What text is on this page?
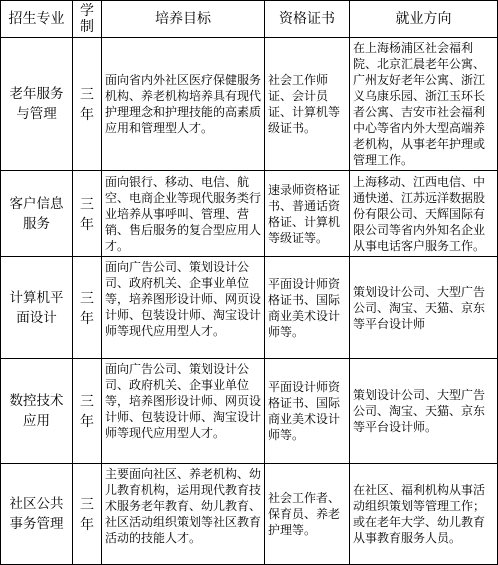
招生专业	学制	培养目标	资格证书	就业方向
老年服务与管理	三年	面向省内外社区医疗保健服务机构、养老机构培养具有现代护理理念和护理技能的高素质应用和管理型人才。	社会工作师证、会计员证、计算机等级证书。	在上海杨浦区社会福利院、北京汇晨老年公寓、广州友好老年公寓、浙江义乌康乐园、浙江玉环长者公寓、吉安市社会福利中心等省内外大型高端养老机构，从事老年护理或管理工作。
客户信息服务	三年	面向银行、移动、电信、航空、电商企业等现代服务类行业培养从事呼叫、管理、营销、售后服务的复合型应用人才。	速录师资格证书、普通话资格证、计算机等级证等。	上海移动、江西电信、中通快递、江苏远洋数据股份有限公司、天辉国际有限公司等省内外知名企业从事电话客户服务工作。
计算机平面设计	三年	面向广告公司、策划设计公司、政府机关、企事业单位等，培养图形设计师、网页设计师、包装设计师、淘宝设计师等现代应用型人才。	平面设计师资格证书、国际商业美术设计师等。	策划设计公司、大型广告公司、淘宝、天猫、京东等平台设计师
数控技术应用	三年	面向广告公司、策划设计公司、政府机关、企事业单位等，培养图形设计师、网页设计师、包装设计师、淘宝设计师等现代应用型人才。	平面设计师资格证书、国际商业美术设计师等。	策划设计公司、大型广告公司、淘宝、天猫、京东等平台设计师。
社区公共事务管理	三年	主要面向社区、养老机构、幼儿教育机构，运用现代教育技术服务老年教育、幼儿教育、社区活动组织策划等社区教育活动的技能人才。	社会工作者、保育员、养老护理等。	在社区、福利机构从事活动组织策划等管理工作；或在老年大学、幼儿教育从事教育服务人员。
